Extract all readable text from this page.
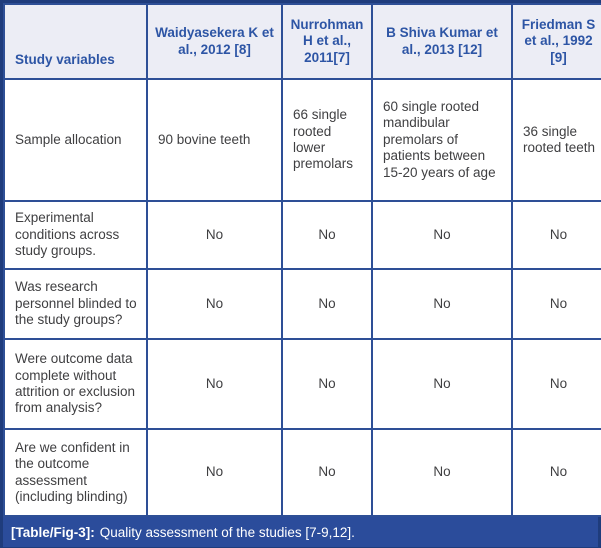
Study variables	Waidyasekera K et al., 2012 [8]	Nurrohman H et al., 2011[7]	B Shiva Kumar et al., 2013 [12]	Friedman S et al., 1992 [9]
Sample allocation	90 bovine teeth	66 single rooted lower premolars	60 single rooted mandibular premolars of patients between 15-20 years of age	36 single rooted teeth
Experimental conditions across study groups.	No	No	No	No
Was research personnel blinded to the study groups?	No	No	No	No
Were outcome data complete without attrition or exclusion from analysis?	No	No	No	No
Are we confident in the outcome assessment (including blinding)	No	No	No	No
[Table/Fig-3]: Quality assessment of the studies [7-9,12].
